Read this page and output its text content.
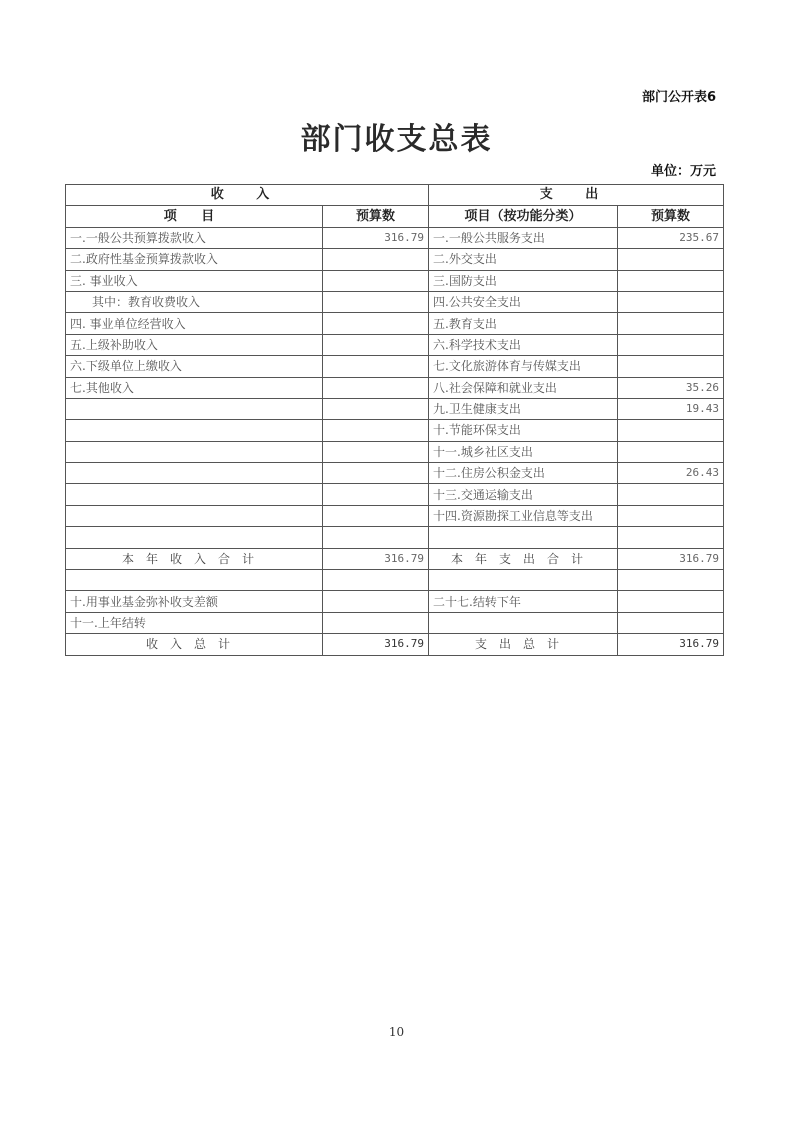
部门公开表6
部门收支总表
单位：万元
收 入		支 出	
项 目	预算数	项目（按功能分类）	预算数
一.一般公共预算拨款收入	316.79	一.一般公共服务支出	235.67
二.政府性基金预算拨款收入		二.外交支出	
三. 事业收入		三.国防支出	
其中：教育收费收入		四.公共安全支出	
四. 事业单位经营收入		五.教育支出	
五.上级补助收入		六.科学技术支出	
六.下级单位上缴收入		七.文化旅游体育与传媒支出	
七.其他收入		八.社会保障和就业支出	35.26
		九.卫生健康支出	19.43
		十.节能环保支出	
		十一.城乡社区支出	
		十二.住房公积金支出	26.43
		十三.交通运输支出	
		十四.资源勘探工业信息等支出	

本年收入合计	316.79	本年支出合计	316.79

十.用事业基金弥补收支差额		二十七.结转下年	
十一.上年结转			
收入总计	316.79	支出总计	316.79
10
